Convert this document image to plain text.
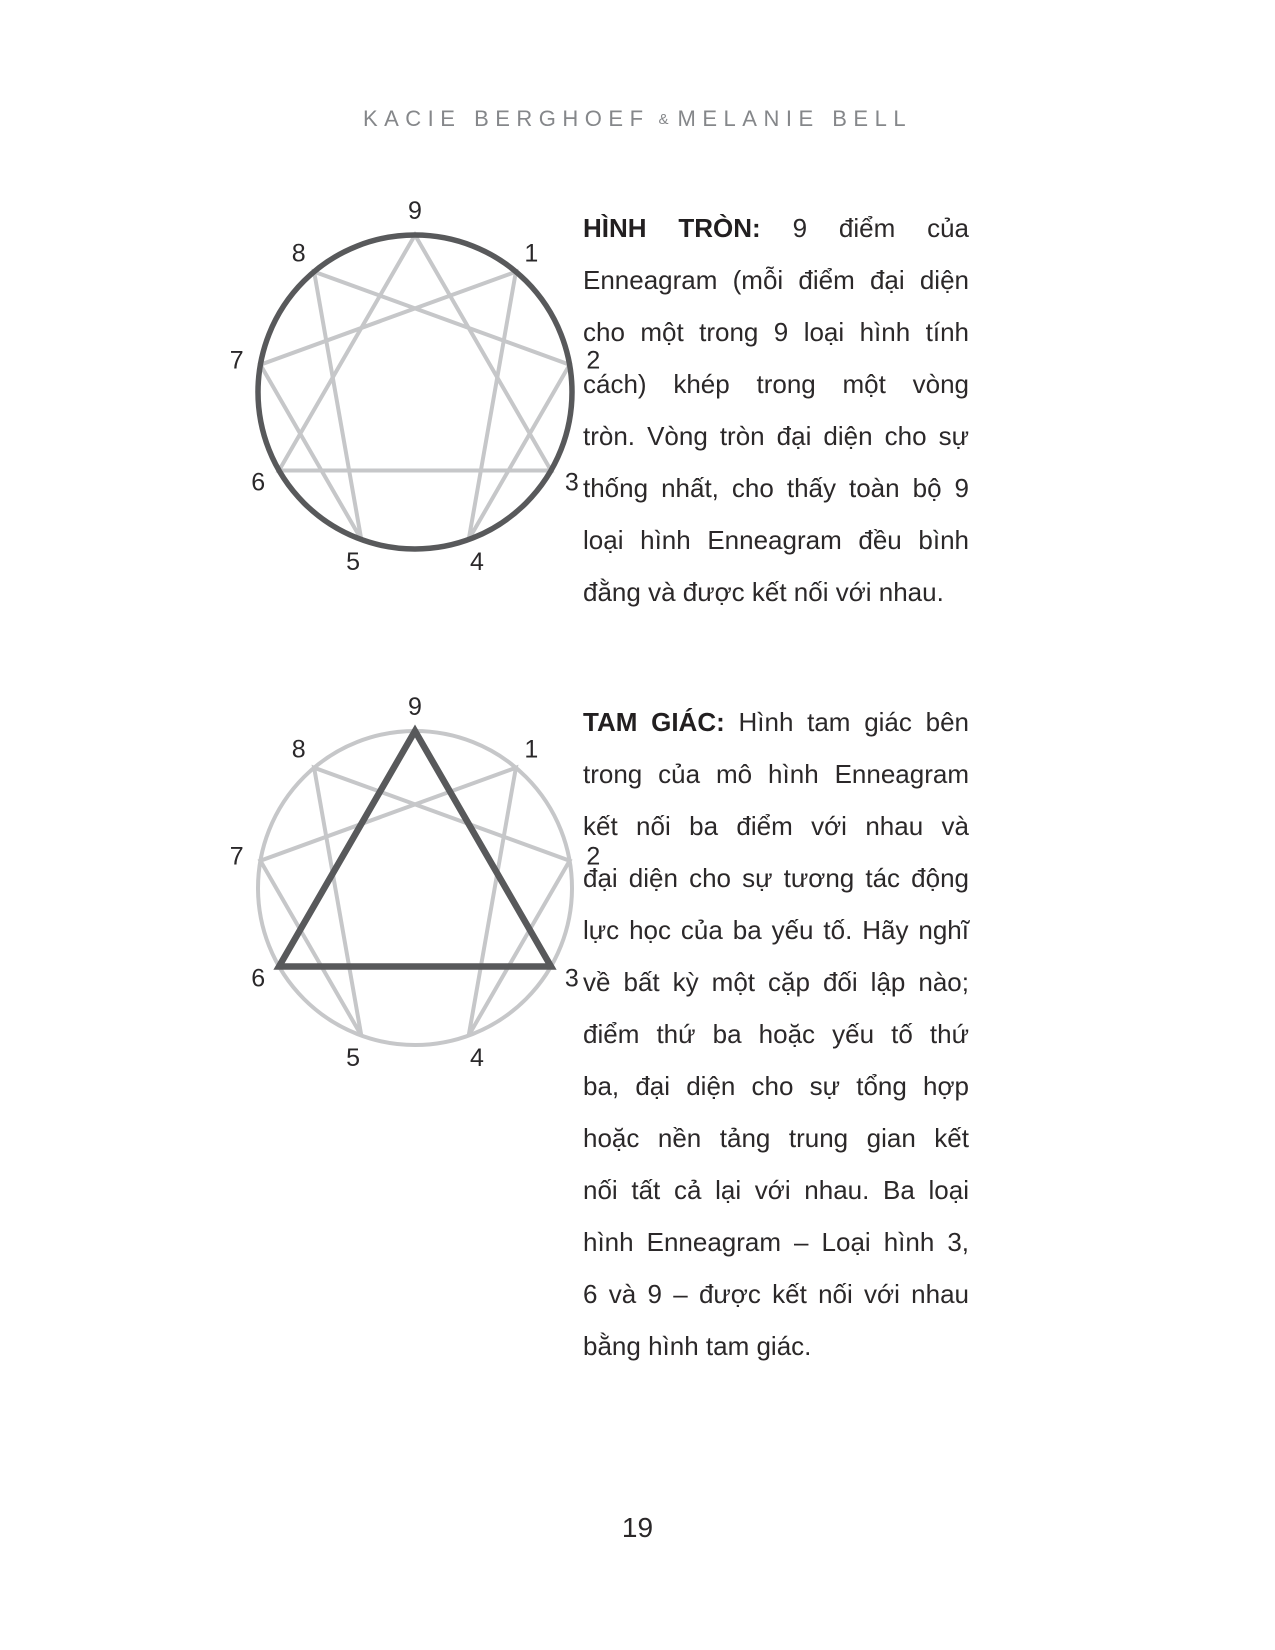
KACIE BERGHOEF & MELANIE BELL
1
2
3
4
5
6
7
8
9
HÌNH TRÒN: 9 điểm của
Enneagram (mỗi điểm đại diện
cho một trong 9 loại hình tính
cách) khép trong một vòng
tròn. Vòng tròn đại diện cho sự
thống nhất, cho thấy toàn bộ 9
loại hình Enneagram đều bình
đằng và được kết nối với nhau.
1
2
3
4
5
6
7
8
9	TAM GIÁC: Hình tam giác bên
trong của mô hình Enneagram
kết nối ba điểm với nhau và
đại diện cho sự tương tác động
lực học của ba yếu tố. Hãy nghĩ
về bất kỳ một cặp đối lập nào;
điểm thứ ba hoặc yếu tố thứ
ba, đại diện cho sự tổng hợp
hoặc nền tảng trung gian kết
nối tất cả lại với nhau. Ba loại
hình Enneagram – Loại hình 3,
6 và 9 – được kết nối với nhau
bằng hình tam giác.
19
